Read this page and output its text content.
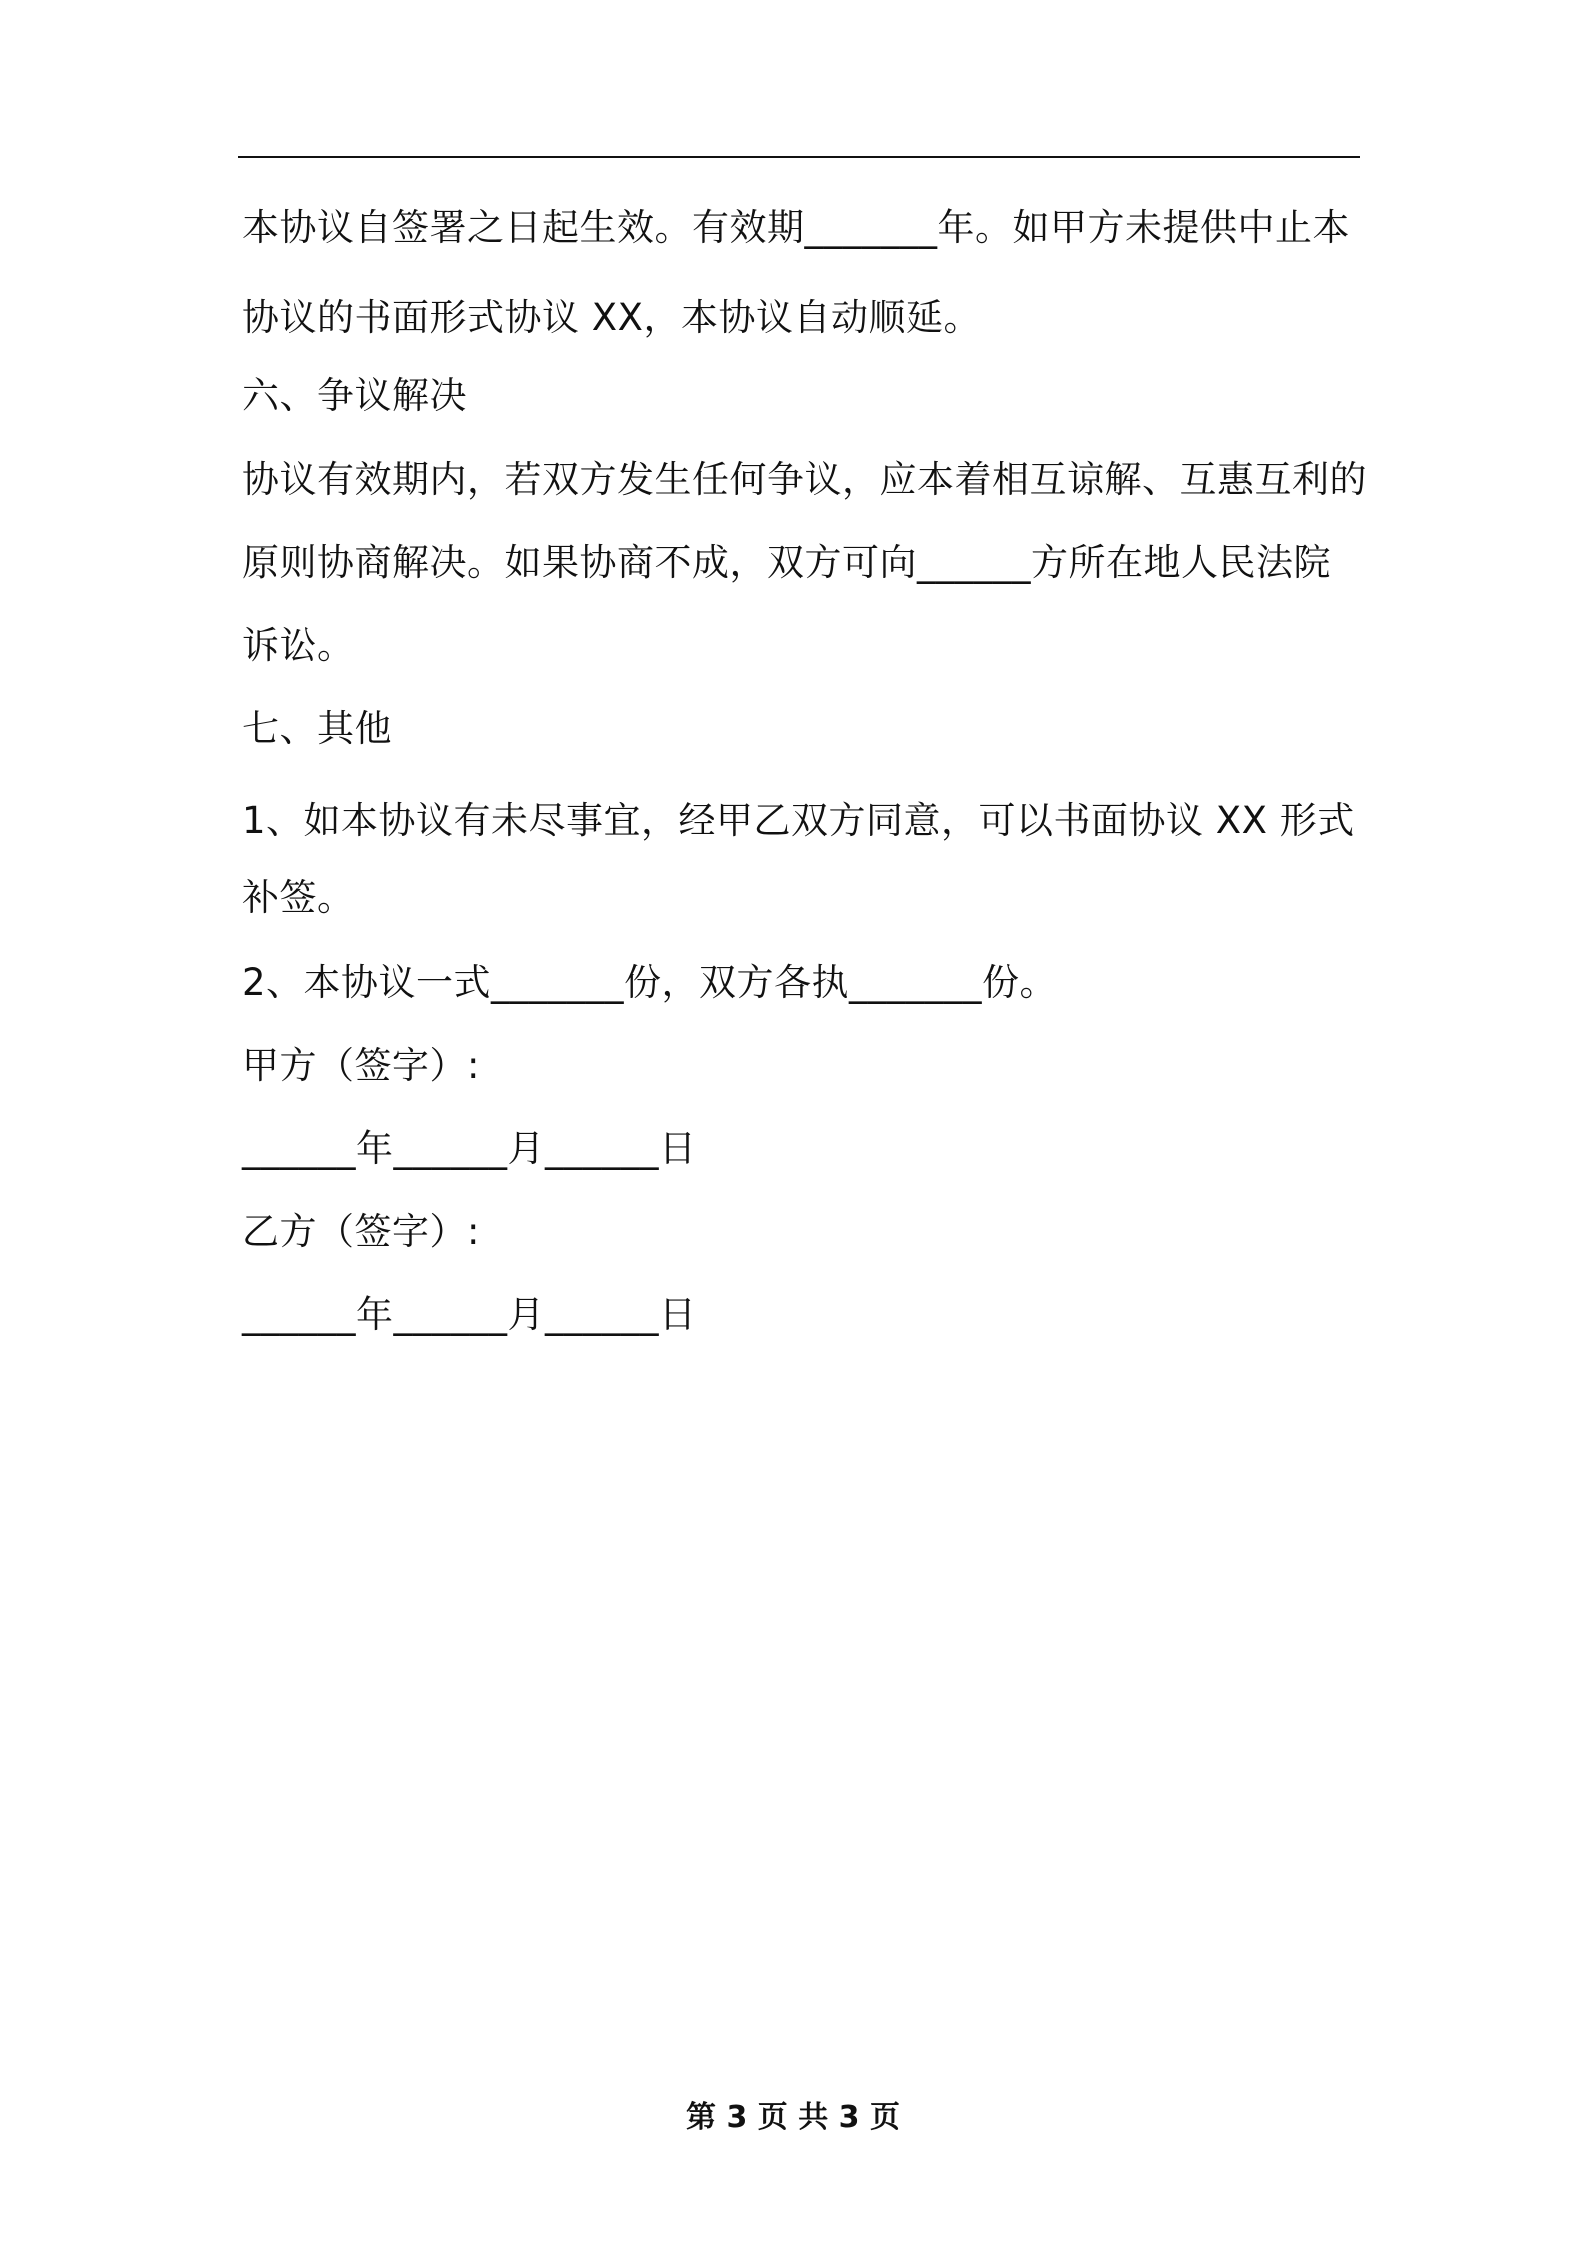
本协议自签署之日起生效。有效期_______年。如甲方未提供中止本
协议的书面形式协议 XX，本协议自动顺延。
六、争议解决
协议有效期内，若双方发生任何争议，应本着相互谅解、互惠互利的
原则协商解决。如果协商不成，双方可向______方所在地人民法院
诉讼。
七、其他
1、如本协议有未尽事宜，经甲乙双方同意，可以书面协议 XX 形式
补签。
2、本协议一式_______份，双方各执_______份。
甲方（签字）:
______年______月______日
乙方（签字）:
______年______月______日
第 3 页 共 3 页
